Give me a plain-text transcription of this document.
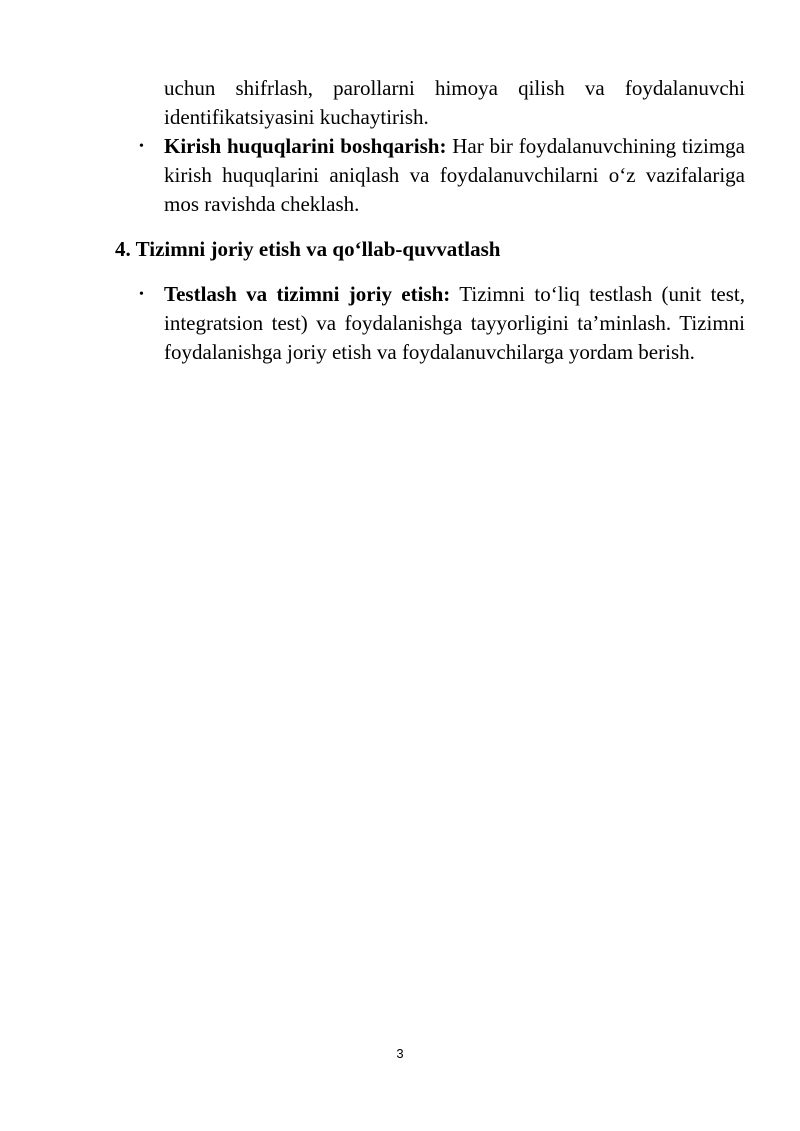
uchun shifrlash, parollarni himoya qilish va foydalanuvchi identifikatsiyasini kuchaytirish.
• Kirish huquqlarini boshqarish: Har bir foydalanuvchining tizimga kirish huquqlarini aniqlash va foydalanuvchilarni o‘z vazifalariga mos ravishda cheklash.
4. Tizimni joriy etish va qo‘llab-quvvatlash
• Testlash va tizimni joriy etish: Tizimni to‘liq testlash (unit test, integratsion test) va foydalanishga tayyorligini ta’minlash. Tizimni foydalanishga joriy etish va foydalanuvchilarga yordam berish.
3
